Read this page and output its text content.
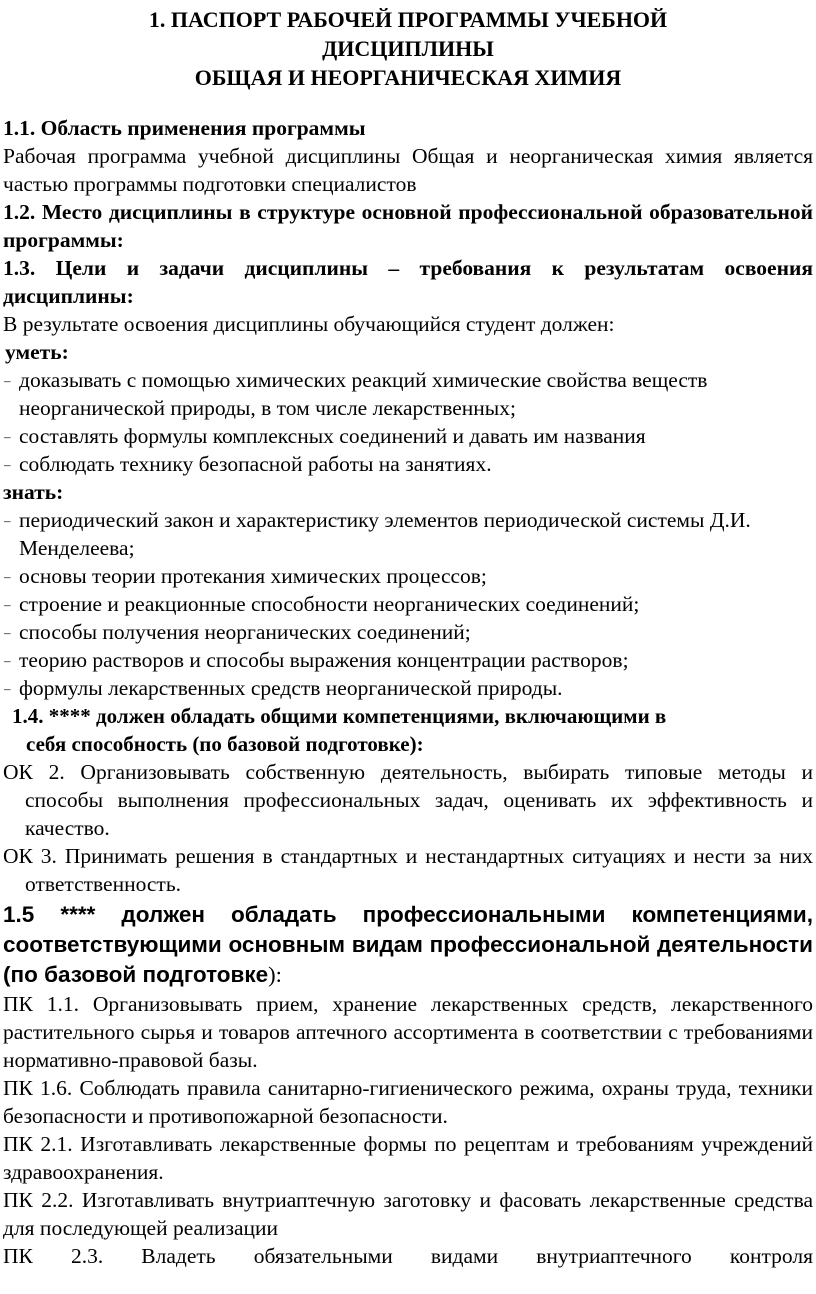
1. ПАСПОРТ РАБОЧЕЙ ПРОГРАММЫ УЧЕБНОЙ
ДИСЦИПЛИНЫ
ОБЩАЯ И НЕОРГАНИЧЕСКАЯ ХИМИЯ

1.1. Область применения программы

Рабочая программа учебной дисциплины Общая и неорганическая химия является частью программы подготовки специалистов

1.2. Место дисциплины в структуре основной профессиональной образовательной программы:

1.3. Цели и задачи дисциплины – требования к результатам освоения дисциплины:

В результате освоения дисциплины обучающийся студент должен:

уметь:

– доказывать с помощью химических реакций химические свойства веществ неорганической природы, в том числе лекарственных;
– составлять формулы комплексных соединений и давать им названия
– соблюдать технику безопасной работы на занятиях.

знать:

– периодический закон и характеристику элементов периодической системы Д.И. Менделеева;
– основы теории протекания химических процессов;
– строение и реакционные способности неорганических соединений;
– способы получения неорганических соединений;
– теорию растворов и способы выражения концентрации растворов;
– формулы лекарственных средств неорганической природы.

1.4. **** должен обладать общими компетенциями, включающими в
себя способность (по базовой подготовке):

ОК 2. Организовывать собственную деятельность, выбирать типовые методы и способы выполнения профессиональных задач, оценивать их эффективность и качество.

ОК 3. Принимать решения в стандартных и нестандартных ситуациях и нести за них ответственность.

1.5 **** должен обладать профессиональными компетенциями, соответствующими основным видам профессиональной деятельности (по базовой подготовке):

ПК 1.1. Организовывать прием, хранение лекарственных средств, лекарственного растительного сырья и товаров аптечного ассортимента в соответствии с требованиями нормативно-правовой базы.

ПК 1.6. Соблюдать правила санитарно-гигиенического режима, охраны труда, техники безопасности и противопожарной безопасности.

ПК 2.1. Изготавливать лекарственные формы по рецептам и требованиям учреждений здравоохранения.

ПК 2.2. Изготавливать внутриаптечную заготовку и фасовать лекарственные средства для последующей реализации

ПК 2.3. Владеть обязательными видами внутриаптечного контроля
